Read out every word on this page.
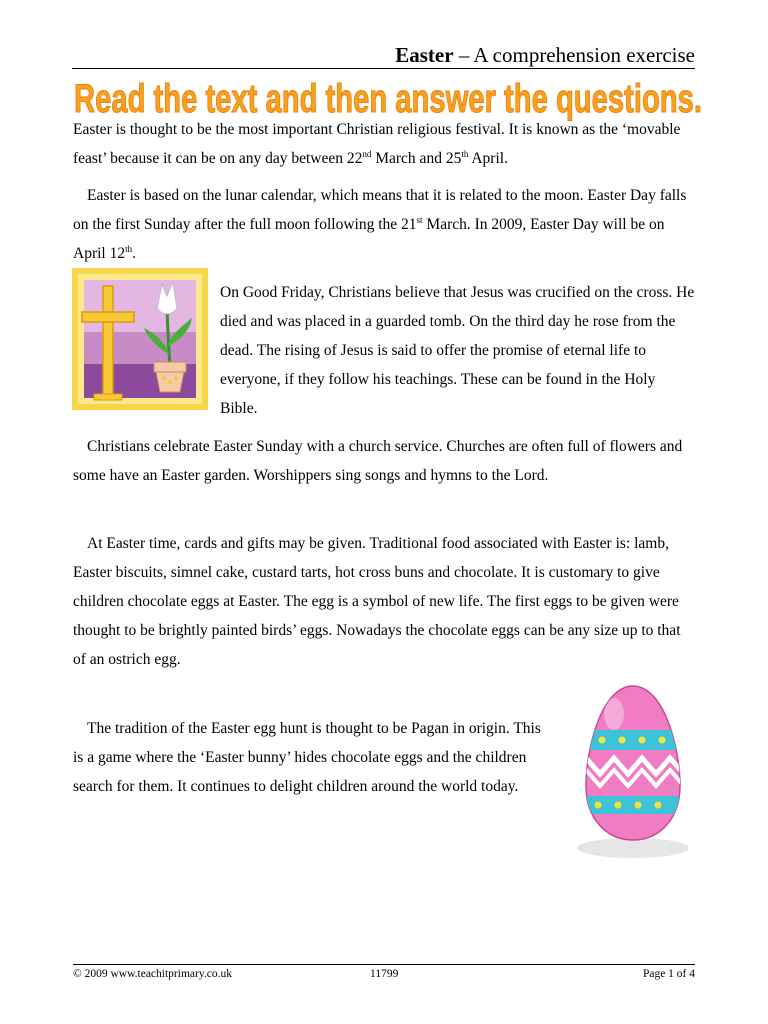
Easter – A comprehension exercise
Read the text and then answer the questions.

Easter is thought to be the most important Christian religious festival. It is known as the ‘movable feast’ because it can be on any day between 22nd March and 25th April.

Easter is based on the lunar calendar, which means that it is related to the moon. Easter Day falls on the first Sunday after the full moon following the 21st March. In 2009, Easter Day will be on April 12th.

On Good Friday, Christians believe that Jesus was crucified on the cross. He died and was placed in a guarded tomb. On the third day he rose from the dead. The rising of Jesus is said to offer the promise of eternal life to everyone, if they follow his teachings. These can be found in the Holy Bible.

Christians celebrate Easter Sunday with a church service. Churches are often full of flowers and some have an Easter garden. Worshippers sing songs and hymns to the Lord.

At Easter time, cards and gifts may be given. Traditional food associated with Easter is: lamb, Easter biscuits, simnel cake, custard tarts, hot cross buns and chocolate. It is customary to give children chocolate eggs at Easter. The egg is a symbol of new life. The first eggs to be given were thought to be brightly painted birds’ eggs. Nowadays the chocolate eggs can be any size up to that of an ostrich egg.

The tradition of the Easter egg hunt is thought to be Pagan in origin. This is a game where the ‘Easter bunny’ hides chocolate eggs and the children search for them. It continues to delight children around the world today.

© 2009 www.teachitprimary.co.uk	11799	Page 1 of 4
